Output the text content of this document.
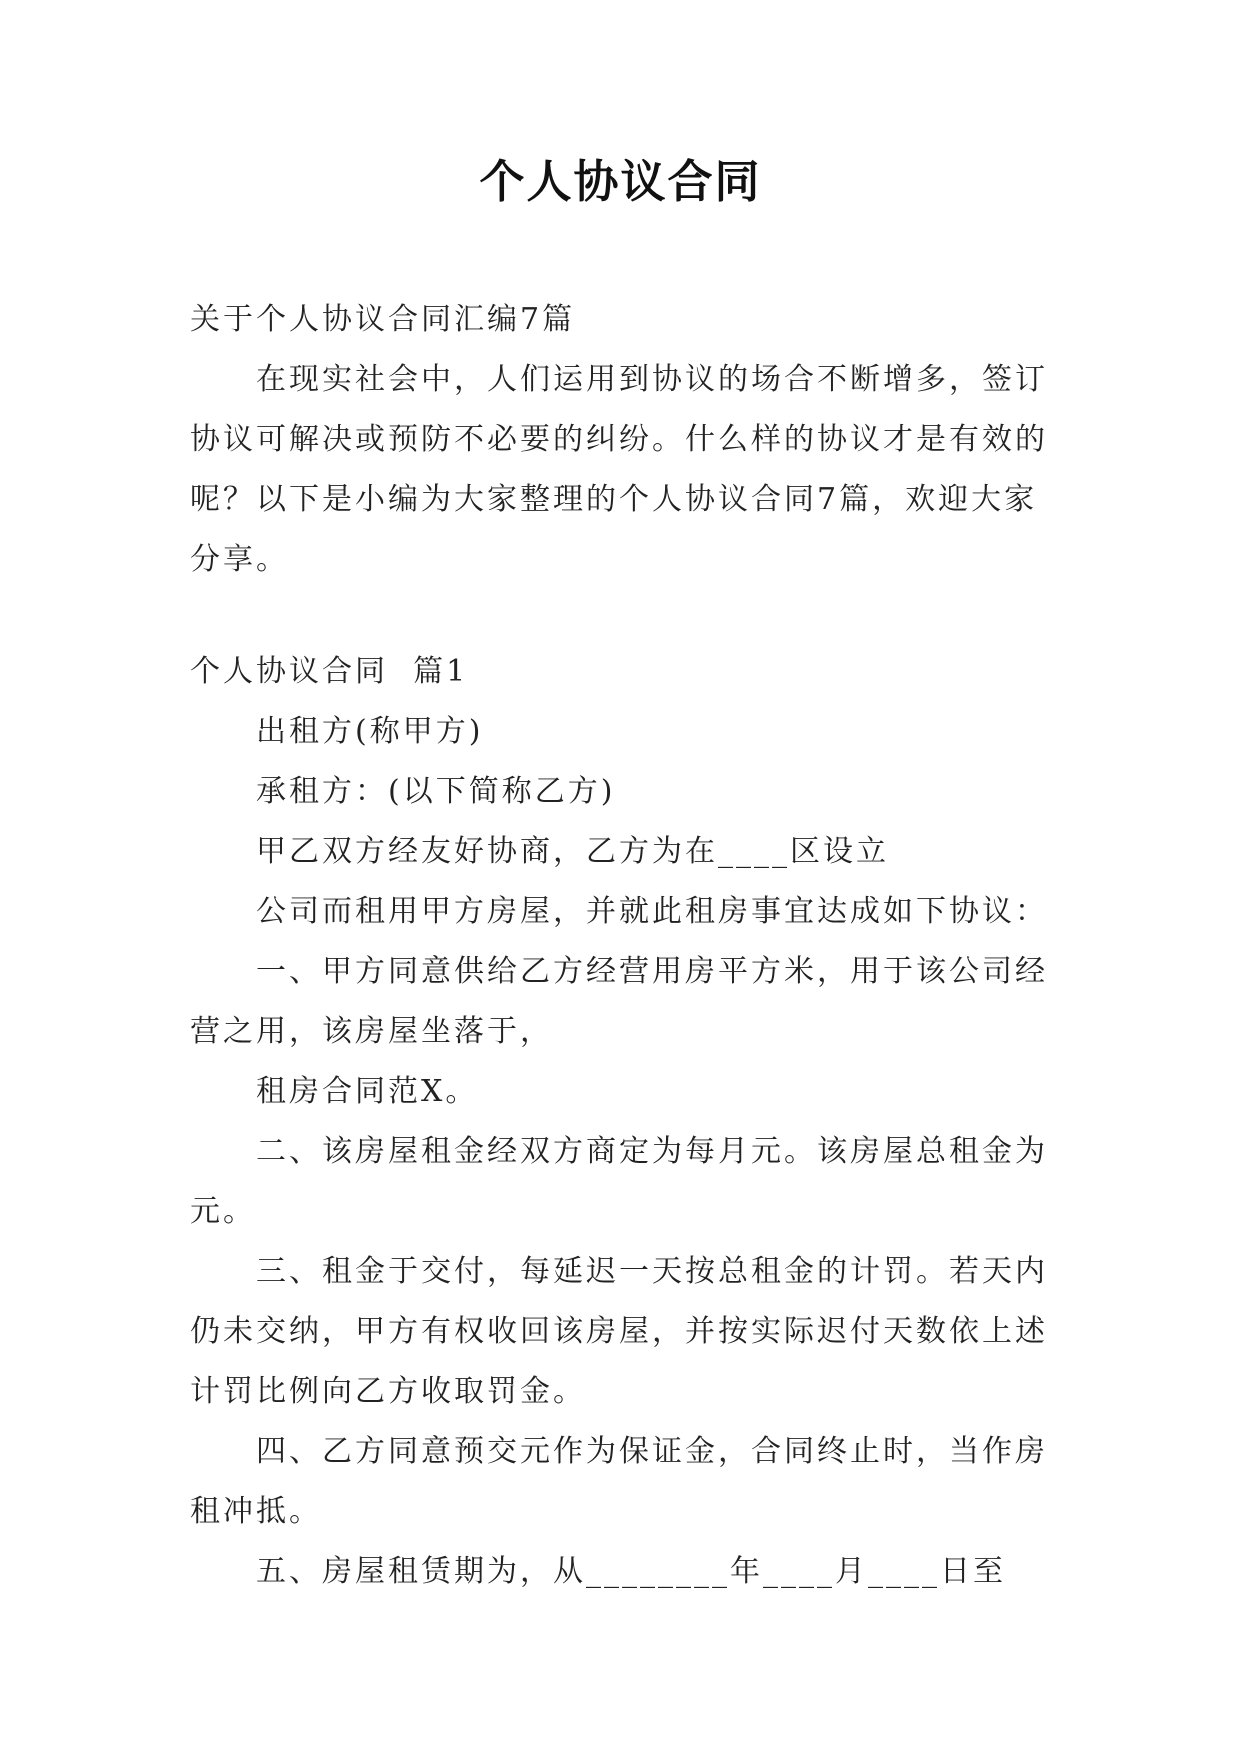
个人协议合同

关于个人协议合同汇编7篇

在现实社会中，人们运用到协议的场合不断增多，签订协议可解决或预防不必要的纠纷。什么样的协议才是有效的呢？以下是小编为大家整理的个人协议合同7篇，欢迎大家分享。

个人协议合同  篇1

出租方(称甲方)

承租方：(以下简称乙方)

甲乙双方经友好协商，乙方为在____区设立

公司而租用甲方房屋，并就此租房事宜达成如下协议：

一、甲方同意供给乙方经营用房平方米，用于该公司经营之用，该房屋坐落于，

租房合同范X。

二、该房屋租金经双方商定为每月元。该房屋总租金为元。

三、租金于交付，每延迟一天按总租金的计罚。若天内仍未交纳，甲方有权收回该房屋，并按实际迟付天数依上述计罚比例向乙方收取罚金。

四、乙方同意预交元作为保证金，合同终止时，当作房租冲抵。

五、房屋租赁期为，从________年____月____日至
